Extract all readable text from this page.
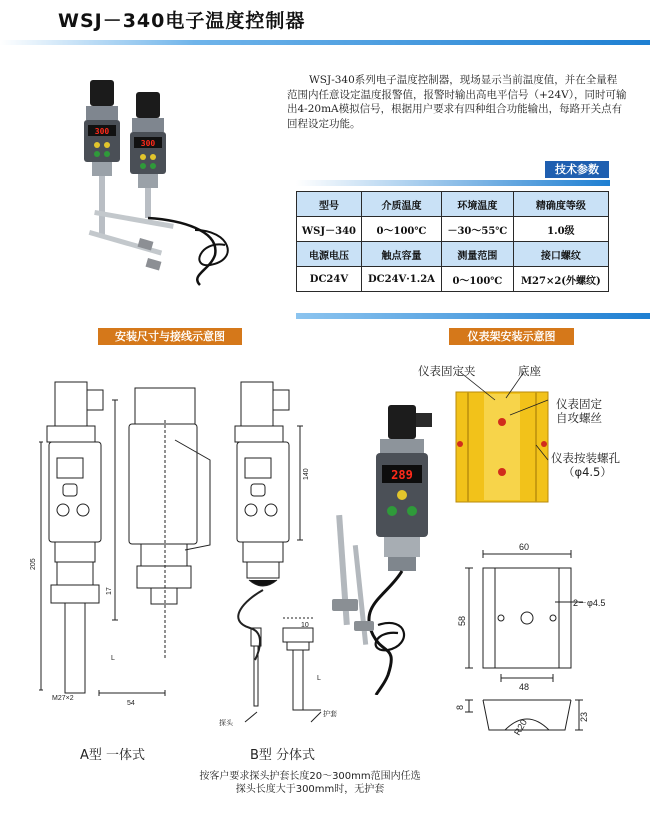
WSJ－340电子温度控制器
300
300
WSJ-340系列电子温度控制器，现场显示当前温度值，并在全量程范围内任意设定温度报警值，报警时输出高电平信号（+24V），同时可输出4-20mA模拟信号，根据用户要求有四种组合功能输出，每路开关点有回程设定功能。
技术参数
型号	介质温度	环境温度	精确度等级
WSJ－340	0～100℃	－30～55℃	1.0级
电源电压	触点容量	测量范围	接口螺纹
DC24V	DC24V·1.2A	0～100℃	M27×2(外螺纹)
安装尺寸与接线示意图	仪表架安装示意图
205
17
L
M27×2
54
140
L
10
探头
护套
A型 一体式	B型 分体式
按客户要求探头护套长度20～300mm范围内任选
探头长度大于300mm时，无护套
289
仪表固定夹	底座
仪表固定
自攻螺丝
仪表按装螺孔
（φ4.5）
60
58
48
2－φ4.5
8
23
R20
